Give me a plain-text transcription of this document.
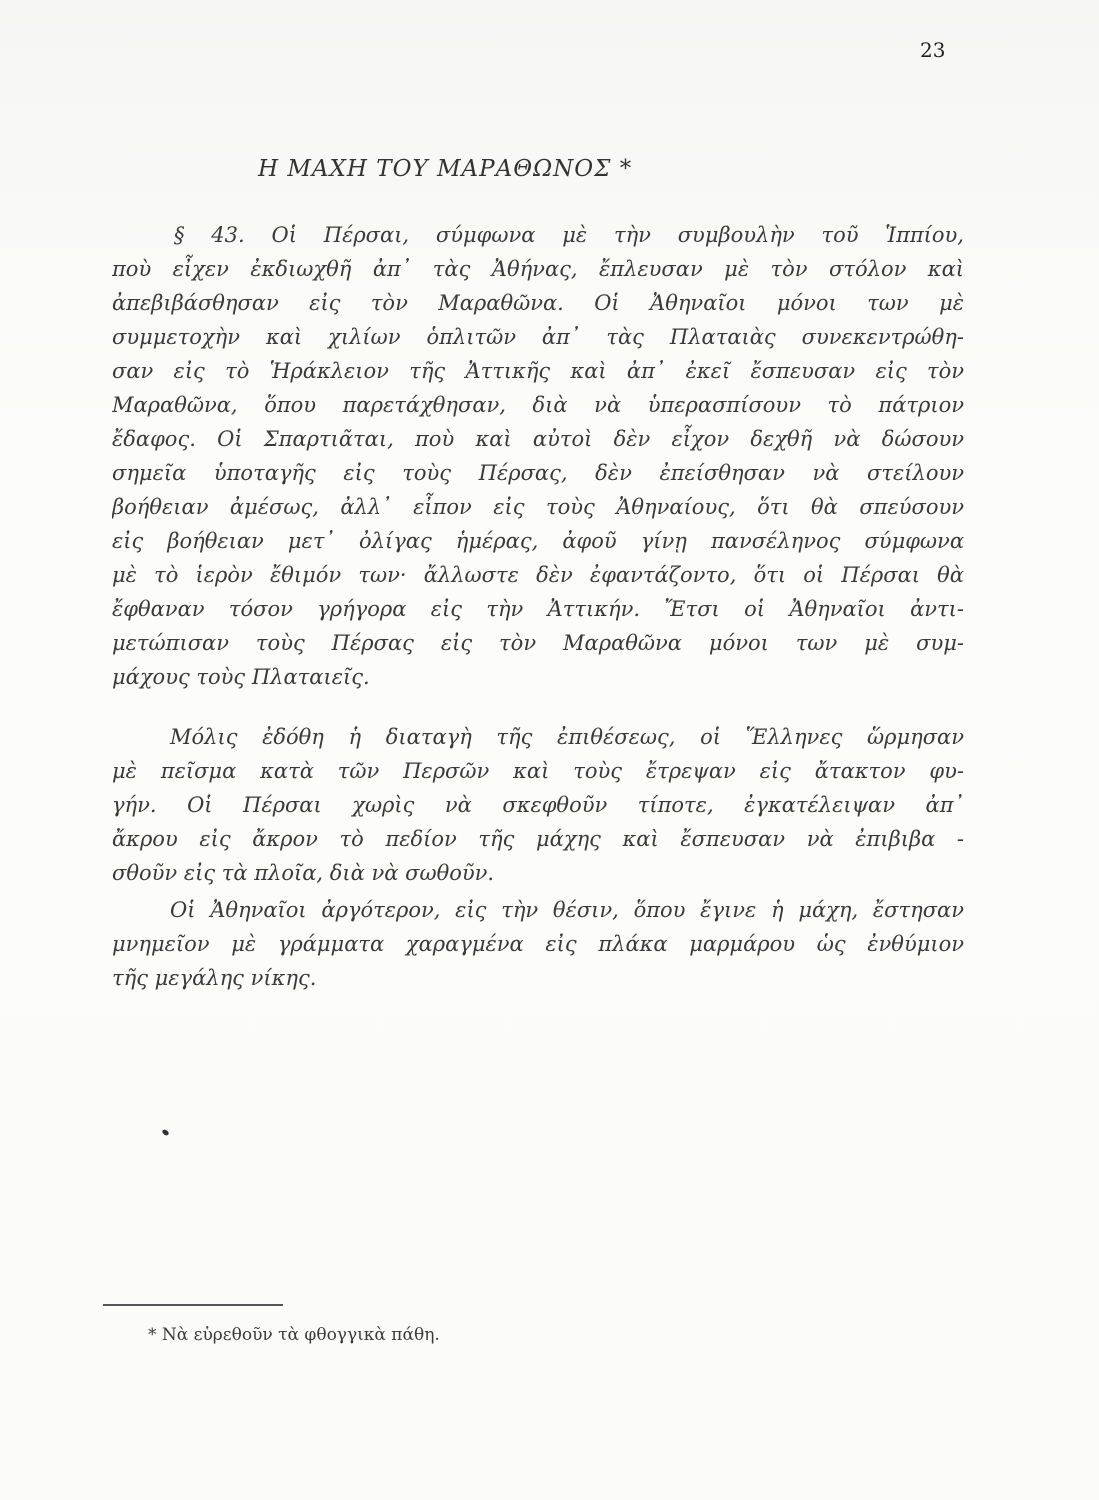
23
Η ΜΑΧΗ ΤΟΥ ΜΑΡΑΘΩΝΟΣ *
§ 43. Οἱ Πέρσαι, σύμφωνα μὲ τὴν συμβουλὴν τοῦ Ἱππίου,
ποὺ εἶχεν ἐκδιωχθῆ ἀπ᾽ τὰς Ἀθήνας, ἔπλευσαν μὲ τὸν στόλον καὶ
ἀπεβιβάσθησαν εἰς τὸν Μαραθῶνα. Οἱ Ἀθηναῖοι μόνοι των μὲ
συμμετοχὴν καὶ χιλίων ὁπλιτῶν ἀπ᾽ τὰς Πλαταιὰς συνεκεντρώθη-
σαν εἰς τὸ Ἡράκλειον τῆς Ἀττικῆς καὶ ἀπ᾽ ἐκεῖ ἔσπευσαν εἰς τὸν
Μαραθῶνα, ὅπου παρετάχθησαν, διὰ νὰ ὑπερασπίσουν τὸ πάτριον
ἔδαφος. Οἱ Σπαρτιᾶται, ποὺ καὶ αὐτοὶ δὲν εἶχον δεχθῆ νὰ δώσουν
σημεῖα ὑποταγῆς εἰς τοὺς Πέρσας, δὲν ἐπείσθησαν νὰ στείλουν
βοήθειαν ἀμέσως, ἀλλ᾽ εἶπον εἰς τοὺς Ἀθηναίους, ὅτι θὰ σπεύσουν
εἰς βοήθειαν μετ᾽ ὀλίγας ἡμέρας, ἀφοῦ γίνῃ πανσέληνος σύμφωνα
μὲ τὸ ἱερὸν ἔθιμόν των· ἄλλωστε δὲν ἐφαντάζοντο, ὅτι οἱ Πέρσαι θὰ
ἔφθαναν τόσον γρήγορα εἰς τὴν Ἀττικήν. Ἔτσι οἱ Ἀθηναῖοι ἀντι-
μετώπισαν τοὺς Πέρσας εἰς τὸν Μαραθῶνα μόνοι των μὲ συμ-
μάχους τοὺς Πλαταιεῖς.
Μόλις ἐδόθη ἡ διαταγὴ τῆς ἐπιθέσεως, οἱ Ἕλληνες ὥρμησαν
μὲ πεῖσμα κατὰ τῶν Περσῶν καὶ τοὺς ἔτρεψαν εἰς ἄτακτον φυ-
γήν. Οἱ Πέρσαι χωρὶς νὰ σκεφθοῦν τίποτε, ἐγκατέλειψαν ἀπ᾽
ἄκρου εἰς ἄκρον τὸ πεδίον τῆς μάχης καὶ ἔσπευσαν νὰ ἐπιβιβα -
σθοῦν εἰς τὰ πλοῖα, διὰ νὰ σωθοῦν.
Οἱ Ἀθηναῖοι ἀργότερον, εἰς τὴν θέσιν, ὅπου ἔγινε ἡ μάχη, ἔστησαν
μνημεῖον μὲ γράμματα χαραγμένα εἰς πλάκα μαρμάρου ὡς ἐνθύμιον
τῆς μεγάλης νίκης.
* Νὰ εὑρεθοῦν τὰ φθογγικὰ πάθη.
